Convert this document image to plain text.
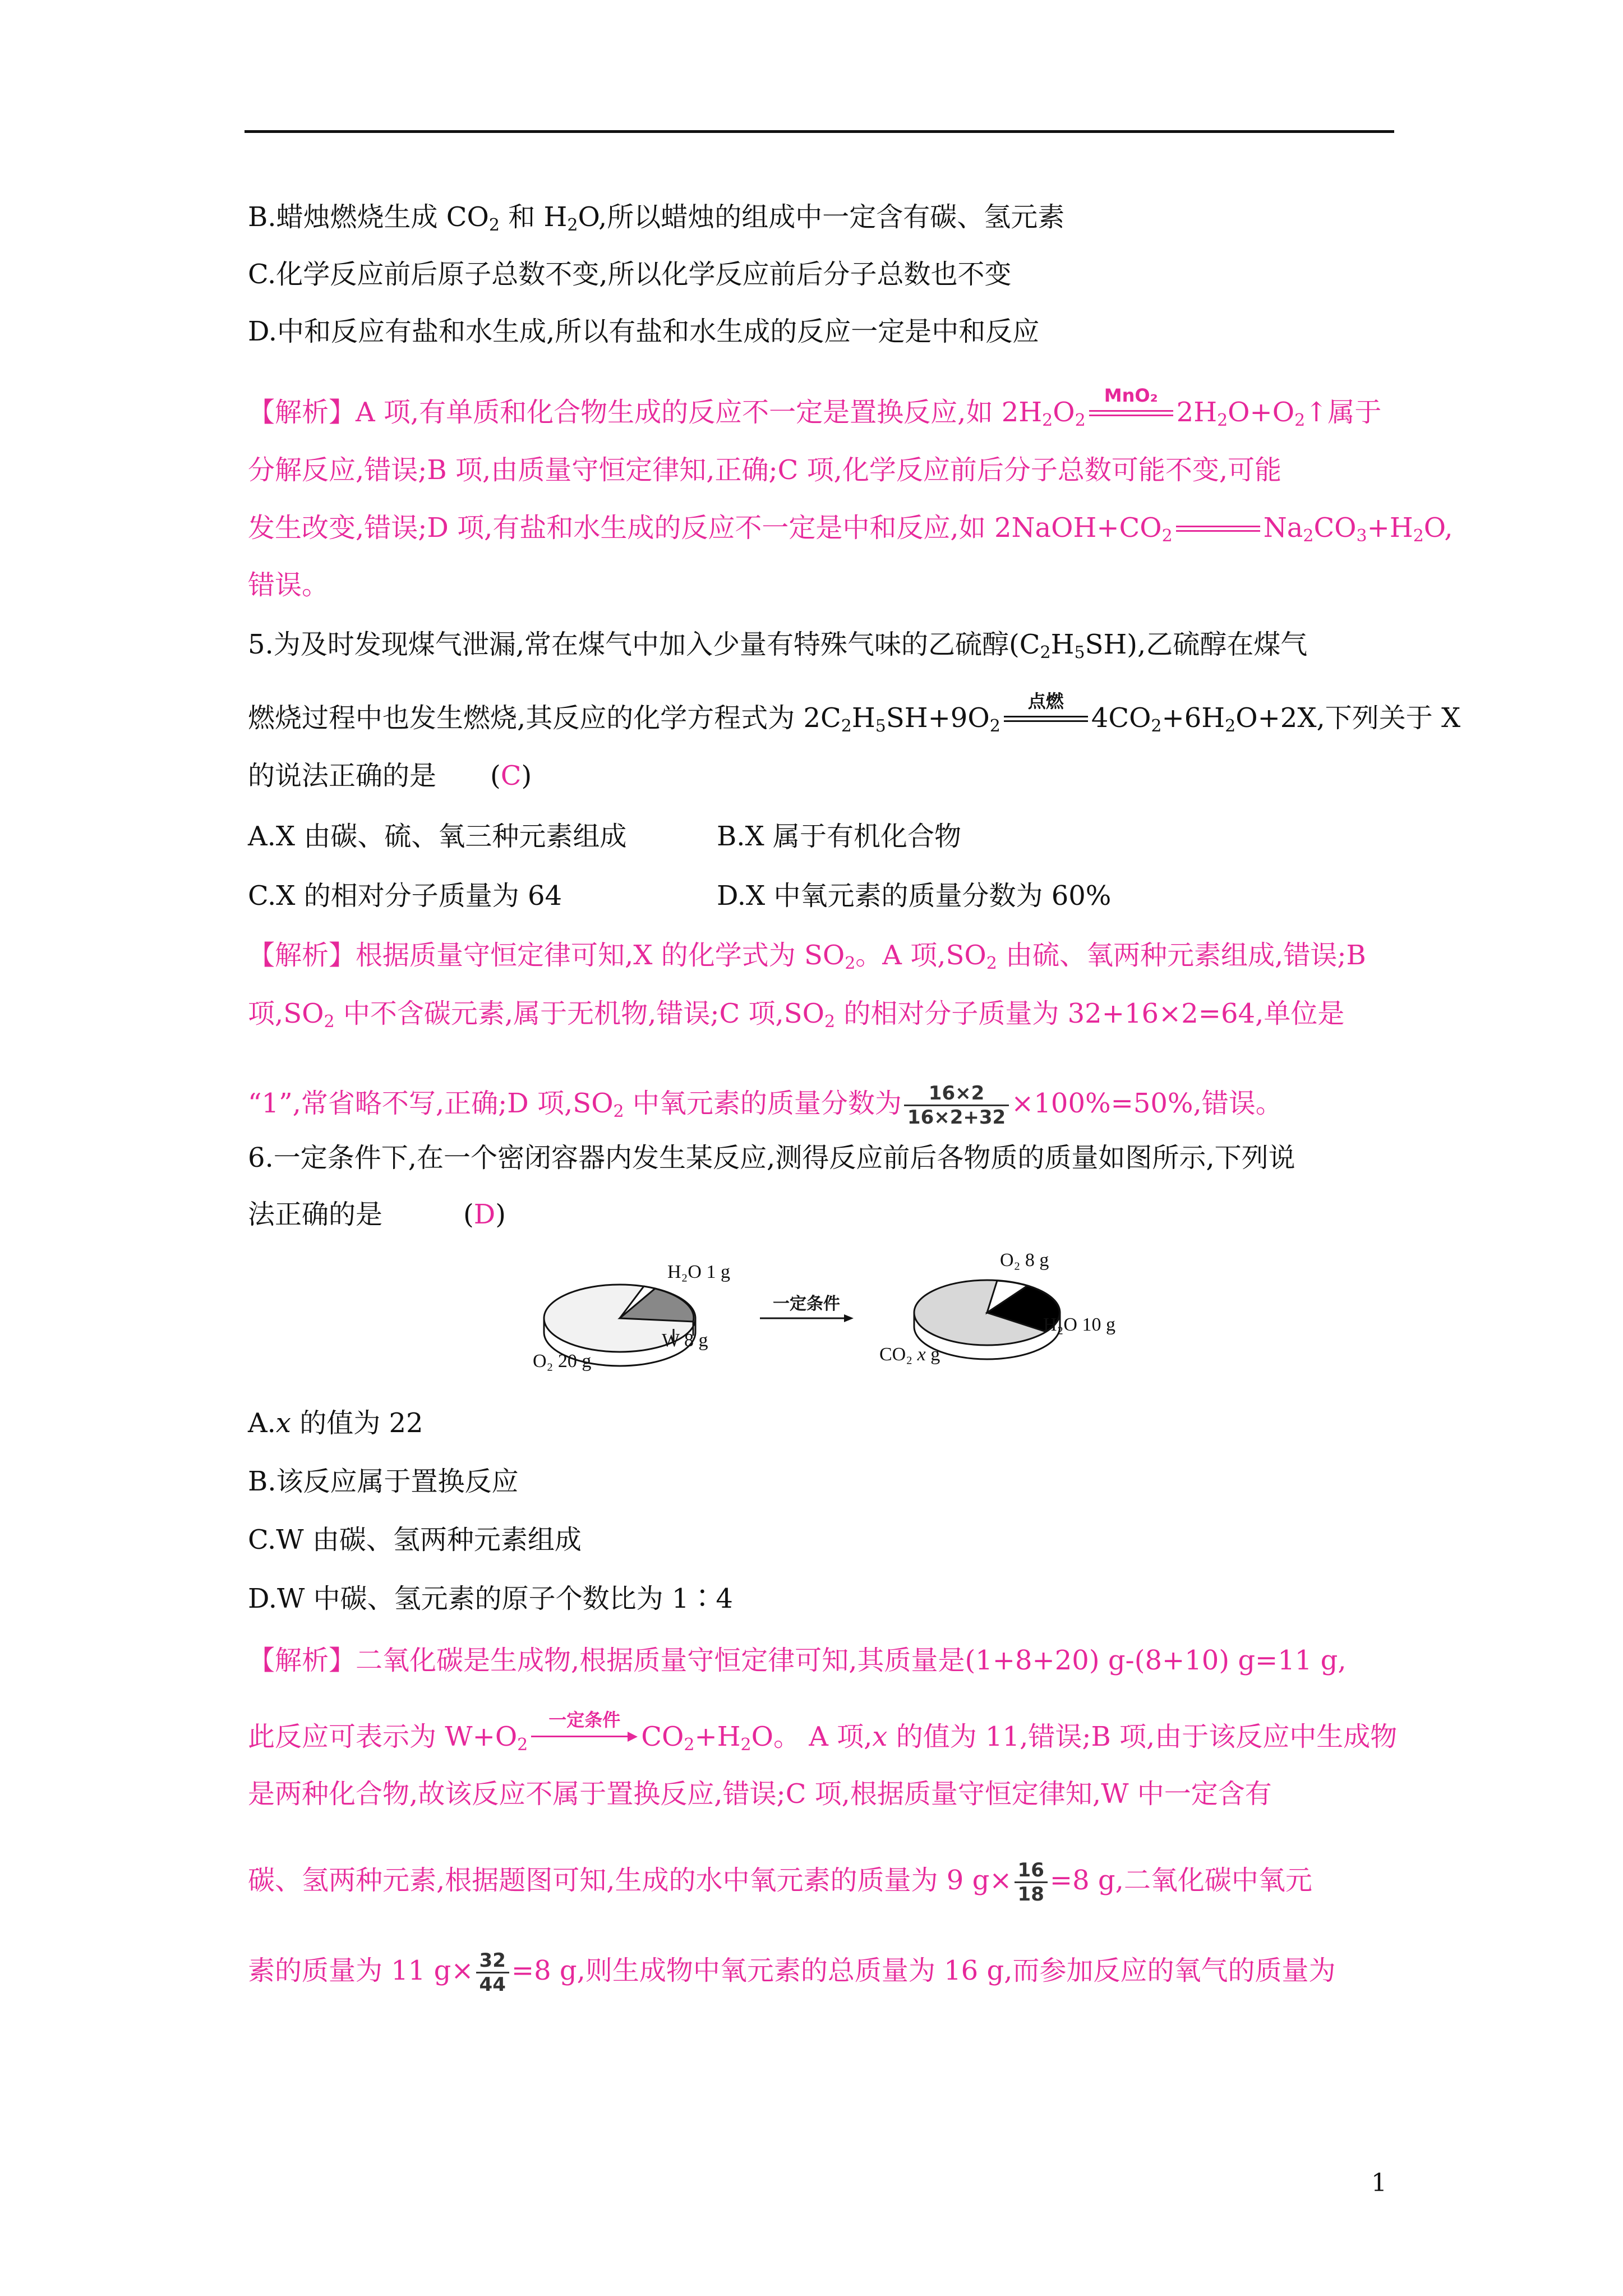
B.蜡烛燃烧生成 $CO_2$ 和 $H_2O$,所以蜡烛的组成中一定含有碳、氢元素
C.化学反应前后原子总数不变,所以化学反应前后分子总数也不变
D.中和反应有盐和水生成,所以有盐和水生成的反应一定是中和反应
【解析】A 项,有单质和化合物生成的反应不一定是置换反应,如 $2H_2O_2$
MnO₂
$2H_2O+O_2↑$属于
分解反应,错误;B 项,由质量守恒定律知,正确;C 项,化学反应前后分子总数可能不变,可能
发生改变,错误;D 项,有盐和水生成的反应不一定是中和反应,如 $2NaOH+CO_2$	$Na_2CO_3+H_2O$,
错误。
5.为及时发现煤气泄漏,常在煤气中加入少量有特殊气味的乙硫醇$(C_2H_5SH)$,乙硫醇在煤气
燃烧过程中也发生燃烧,其反应的化学方程式为 $2C_2H_5SH+9O_2$
点燃
$4CO_2+6H_2O+2X$,下列关于 X
的说法正确的是　　(C)
A.X 由碳、硫、氧三种元素组成	B.X 属于有机化合物
C.X 的相对分子质量为 64	D.X 中氧元素的质量分数为 60%
【解析】根据质量守恒定律可知,X 的化学式为 $SO_2$。A 项$,SO_2$ 由硫、氧两种元素组成,错误;B
项$,SO_2$ 中不含碳元素,属于无机物,错误;C 项$,SO_2$ 的相对分子质量为 32+16×2=64,单位是
“1”,常省略不写,正确;D 项$,SO_2$ 中氧元素的质量分数为 $\frac{16\times 2}{16\times 2+32} \times 100\%=50\%$,错误。
6.一定条件下,在一个密闭容器内发生某反应,测得反应前后各物质的质量如图所示,下列说
法正确的是　　　(D)
A.x 的值为 22
B.该反应属于置换反应
C.W 由碳、氢两种元素组成
D.W 中碳、氢元素的原子个数比为 1∶4
【解析】二氧化碳是生成物,根据质量守恒定律可知,其质量是(1+8+20) g-(8+10) g=11 g,
此反应可表示为 $W+O_2$
一定条件
$CO_2+H_2O$。 A 项,x 的值为 11,错误;B 项,由于该反应中生成物
是两种化合物,故该反应不属于置换反应,错误;C 项,根据质量守恒定律知,W 中一定含有
碳、氢两种元素,根据题图可知,生成的水中氧元素的质量为 9 $g\times \frac{16}{18} =8$ g,二氧化碳中氧元
素的质量为 11 $g\times \frac{32}{44} =8$ g,则生成物中氧元素的总质量为 16 g,而参加反应的氧气的质量为
H₂O 1 g
W 8 g
O₂ 20 g
一定条件
O₂ 8 g
H₂O 10 g
CO₂ x g
1
